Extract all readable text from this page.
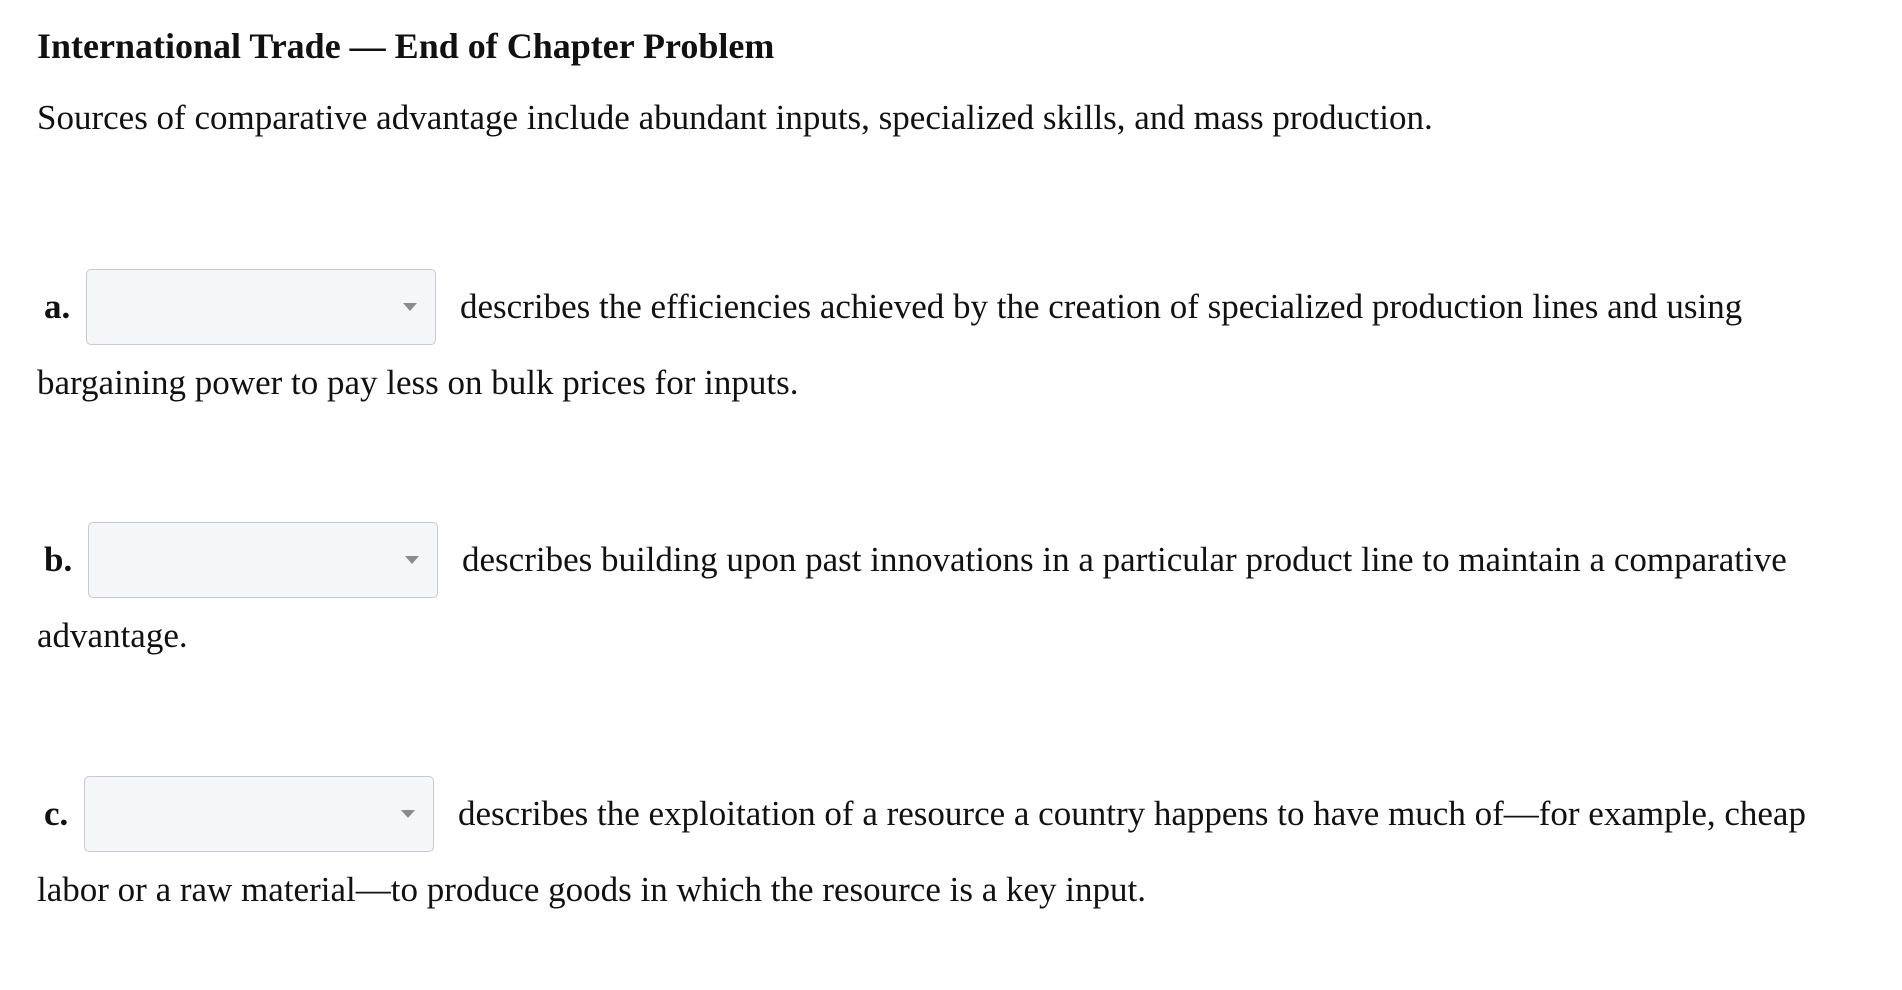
International Trade — End of Chapter Problem
Sources of comparative advantage include abundant inputs, specialized skills, and mass production.
a.	describes the efficiencies achieved by the creation of specialized production lines and using
bargaining power to pay less on bulk prices for inputs.
b.	describes building upon past innovations in a particular product line to maintain a comparative
advantage.
c.	describes the exploitation of a resource a country happens to have much of—for example, cheap
labor or a raw material—to produce goods in which the resource is a key input.
